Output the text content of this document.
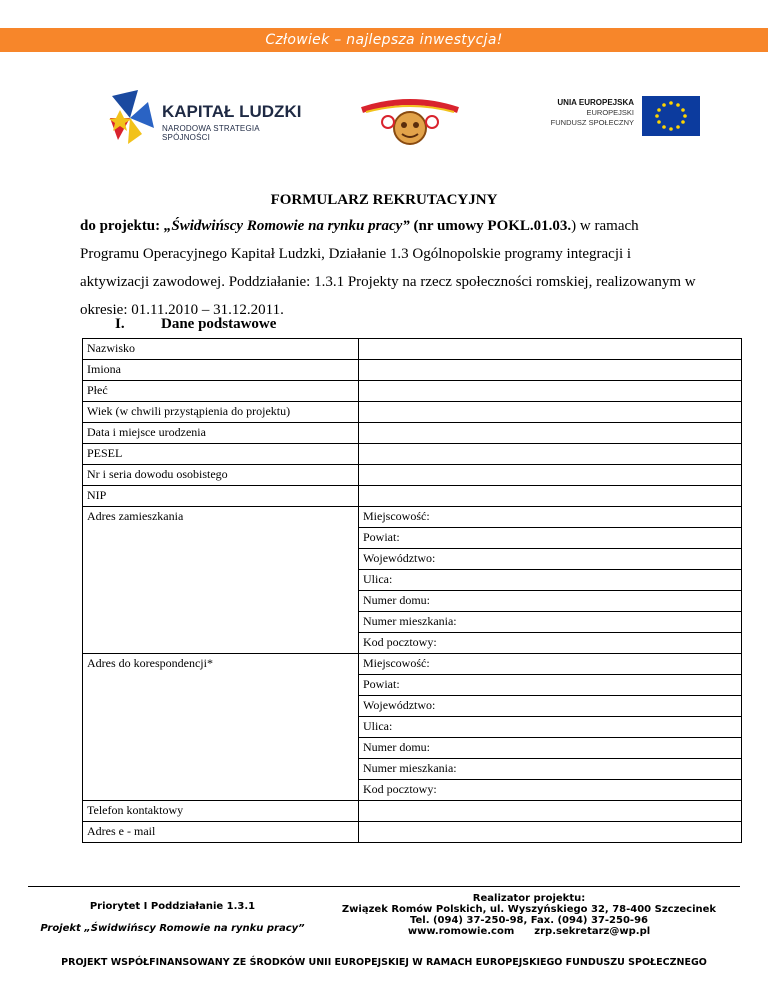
Człowiek – najlepsza inwestycja!
KAPITAŁ LUDZKI
NARODOWA STRATEGIA SPÓJNOŚCI
UNIA EUROPEJSKA
EUROPEJSKI
FUNDUSZ SPOŁECZNY
FORMULARZ REKRUTACYJNY
do projektu: „Świdwińscy Romowie na rynku pracy” (nr umowy POKL.01.03.) w ramach Programu Operacyjnego Kapitał Ludzki, Działanie 1.3 Ogólnopolskie programy integracji i aktywizacji zawodowej. Poddziałanie: 1.3.1 Projekty na rzecz społeczności romskiej, realizowanym w okresie: 01.11.2010 – 31.12.2011.
I. Dane podstawowe
Nazwisko	
Imiona	
Płeć	
Wiek (w chwili przystąpienia do projektu)	
Data i miejsce urodzenia	
PESEL	
Nr i seria dowodu osobistego	
NIP	
Adres zamieszkania	Miejscowość:
	Powiat:
	Województwo:
	Ulica:
	Numer domu:
	Numer mieszkania:
	Kod pocztowy:
Adres do korespondencji*	Miejscowość:
	Powiat:
	Województwo:
	Ulica:
	Numer domu:
	Numer mieszkania:
	Kod pocztowy:
Telefon kontaktowy	
Adres e - mail	
Priorytet I Poddziałanie 1.3.1
Projekt „Świdwińscy Romowie na rynku pracy”
Realizator projektu:
Związek Romów Polskich, ul. Wyszyńskiego 32, 78-400 Szczecinek
Tel. (094) 37-250-98, Fax. (094) 37-250-96
www.romowie.com zrp.sekretarz@wp.pl
PROJEKT WSPÓŁFINANSOWANY ZE ŚRODKÓW UNII EUROPEJSKIEJ W RAMACH EUROPEJSKIEGO FUNDUSZU SPOŁECZNEGO
